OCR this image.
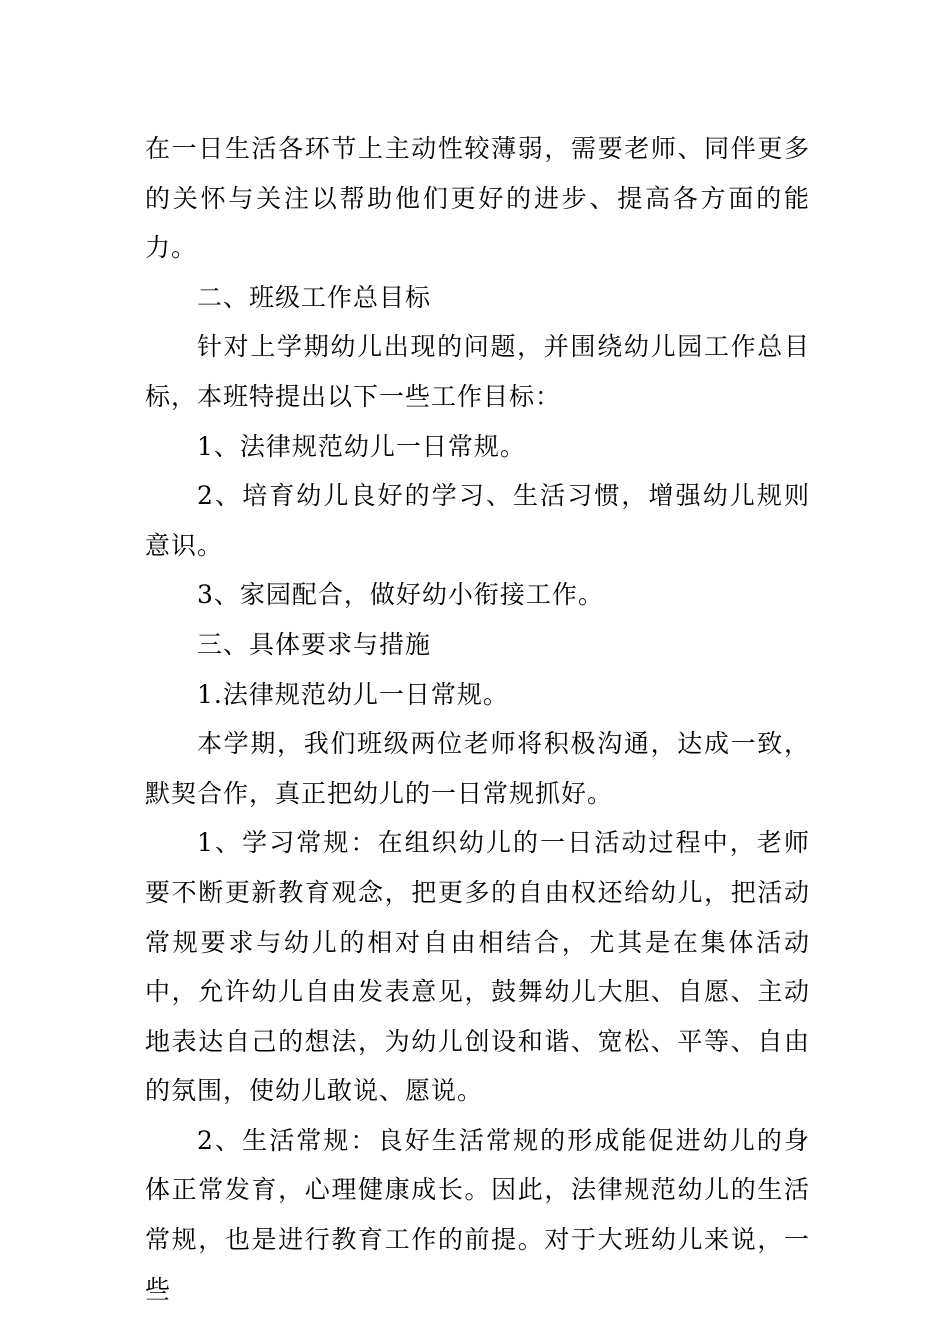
在一日生活各环节上主动性较薄弱，需要老师、同伴更多的关怀与关注以帮助他们更好的进步、提高各方面的能力。

二、班级工作总目标

针对上学期幼儿出现的问题，并围绕幼儿园工作总目标，本班特提出以下一些工作目标：

1、法律规范幼儿一日常规。

2、培育幼儿良好的学习、生活习惯，增强幼儿规则意识。

3、家园配合，做好幼小衔接工作。

三、具体要求与措施

1.法律规范幼儿一日常规。

本学期，我们班级两位老师将积极沟通，达成一致，默契合作，真正把幼儿的一日常规抓好。

1、学习常规：在组织幼儿的一日活动过程中，老师要不断更新教育观念，把更多的自由权还给幼儿，把活动常规要求与幼儿的相对自由相结合，尤其是在集体活动中，允许幼儿自由发表意见，鼓舞幼儿大胆、自愿、主动地表达自己的想法，为幼儿创设和谐、宽松、平等、自由的氛围，使幼儿敢说、愿说。

2、生活常规：良好生活常规的形成能促进幼儿的身体正常发育，心理健康成长。因此，法律规范幼儿的生活常规，也是进行教育工作的前提。对于大班幼儿来说，一些
